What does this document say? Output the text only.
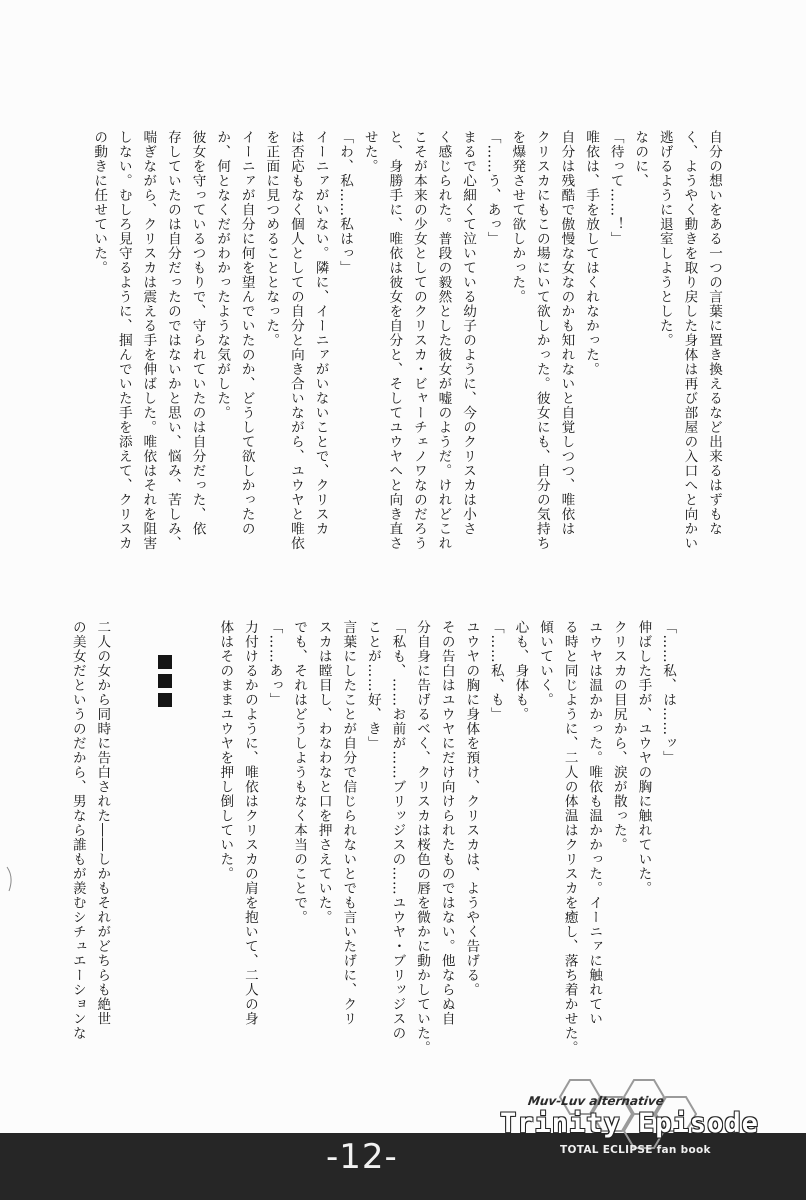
自分の想いをある一つの言葉に置き換えるなど出来るはずもな
く、ようやく動きを取り戻した身体は再び部屋の入口へと向かい
逃げるように退室しようとした。
なのに、
「待って……！」
唯依は、手を放してはくれなかった。
自分は残酷で傲慢な女なのかも知れないと自覚しつつ、唯依は
クリスカにもこの場にいて欲しかった。彼女にも、自分の気持ち
を爆発させて欲しかった。
「……う、あっ」
まるで心細くて泣いている幼子のように、今のクリスカは小さ
く感じられた。普段の毅然とした彼女が嘘のようだ。けれどこれ
こそが本来の少女としてのクリスカ・ビャーチェノワなのだろう
と、身勝手に、唯依は彼女を自分と、そしてユウヤへと向き直さ
せた。
「わ、私……私はっ」
イーニァがいない。隣に、イーニァがいないことで、クリスカ
は否応もなく個人としての自分と向き合いながら、ユウヤと唯依
を正面に見つめることとなった。
イーニァが自分に何を望んでいたのか、どうして欲しかったの
か、何となくだがわかったような気がした。
彼女を守っているつもりで、守られていたのは自分だった、依
存していたのは自分だったのではないかと思い、悩み、苦しみ、
喘ぎながら、クリスカは震える手を伸ばした。唯依はそれを阻害
しない。むしろ見守るように、掴んでいた手を添えて、クリスカ
の動きに任せていた。
「……私、は……ッ」
伸ばした手が、ユウヤの胸に触れていた。
クリスカの目尻から、涙が散った。
ユウヤは温かかった。唯依も温かかった。イーニァに触れてい
る時と同じように、二人の体温はクリスカを癒し、落ち着かせた。
傾いていく。
心も、身体も。
「……私、も」
ユウヤの胸に身体を預け、クリスカは、ようやく告げる。
その告白はユウヤにだけ向けられたものではない。他ならぬ自
分自身に告げるべく、クリスカは桜色の唇を微かに動かしていた。
「私も、……お前が……ブリッジスの……ユウヤ・ブリッジスの
ことが……好、き」
言葉にしたことが自分で信じられないとでも言いたげに、クリ
スカは瞠目し、わなわなと口を押さえていた。
でも、それはどうしようもなく本当のことで。
「……あっ」
力付けるかのように、唯依はクリスカの肩を抱いて、二人の身
体はそのままユウヤを押し倒していた。
二人の女から同時に告白された――しかもそれがどちらも絶世
の美女だというのだから、男なら誰もが羨むシチュエーションな
-12-
Muv-Luv alternative
Trinity Episode
TOTAL ECLIPSE fan book
